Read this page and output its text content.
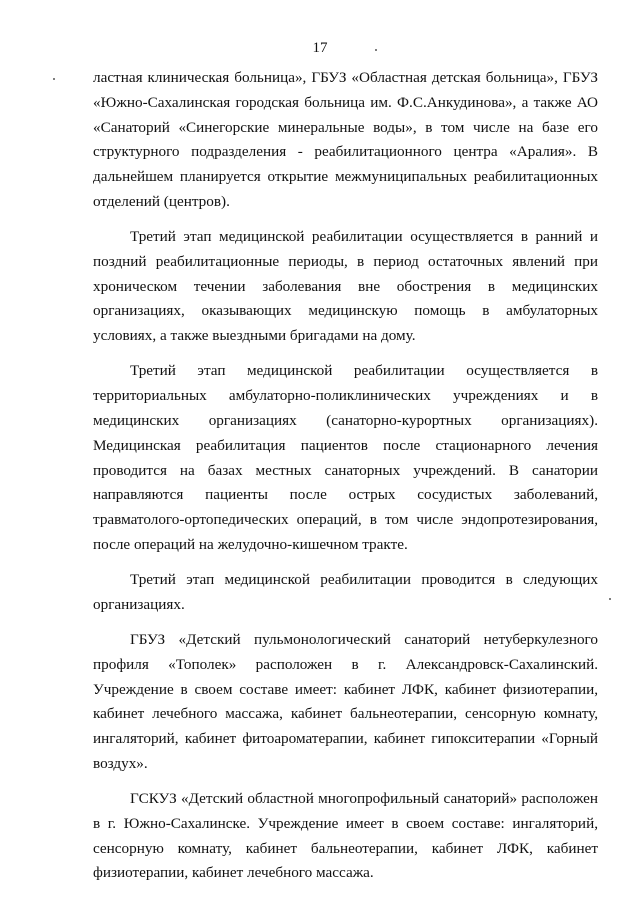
17

ластная клиническая больница», ГБУЗ «Областная детская больница», ГБУЗ «Южно-Сахалинская городская больница им. Ф.С.Анкудинова», а также АО «Санаторий «Синегорские минеральные воды», в том числе на базе его структурного подразделения - реабилитационного центра «Аралия». В дальнейшем планируется открытие межмуниципальных реабилитационных отделений (центров).

Третий этап медицинской реабилитации осуществляется в ранний и поздний реабилитационные периоды, в период остаточных явлений при хроническом течении заболевания вне обострения в медицинских организациях, оказывающих медицинскую помощь в амбулаторных условиях, а также выездными бригадами на дому.

Третий этап медицинской реабилитации осуществляется в территориальных амбулаторно-поликлинических учреждениях и в медицинских организациях (санаторно-курортных организациях). Медицинская реабилитация пациентов после стационарного лечения проводится на базах местных санаторных учреждений. В санатории направляются пациенты после острых сосудистых заболеваний, травматолого-ортопедических операций, в том числе эндопротезирования, после операций на желудочно-кишечном тракте.

Третий этап медицинской реабилитации проводится в следующих организациях.

ГБУЗ «Детский пульмонологический санаторий нетуберкулезного профиля «Тополек» расположен в г. Александровск-Сахалинский. Учреждение в своем составе имеет: кабинет ЛФК, кабинет физиотерапии, кабинет лечебного массажа, кабинет бальнеотерапии, сенсорную комнату, ингаляторий, кабинет фитоароматерапии, кабинет гипокситерапии «Горный воздух».

ГСКУЗ «Детский областной многопрофильный санаторий» расположен в г. Южно-Сахалинске. Учреждение имеет в своем составе: ингаляторий, сенсорную комнату, кабинет бальнеотерапии, кабинет ЛФК, кабинет физиотерапии, кабинет лечебного массажа.
